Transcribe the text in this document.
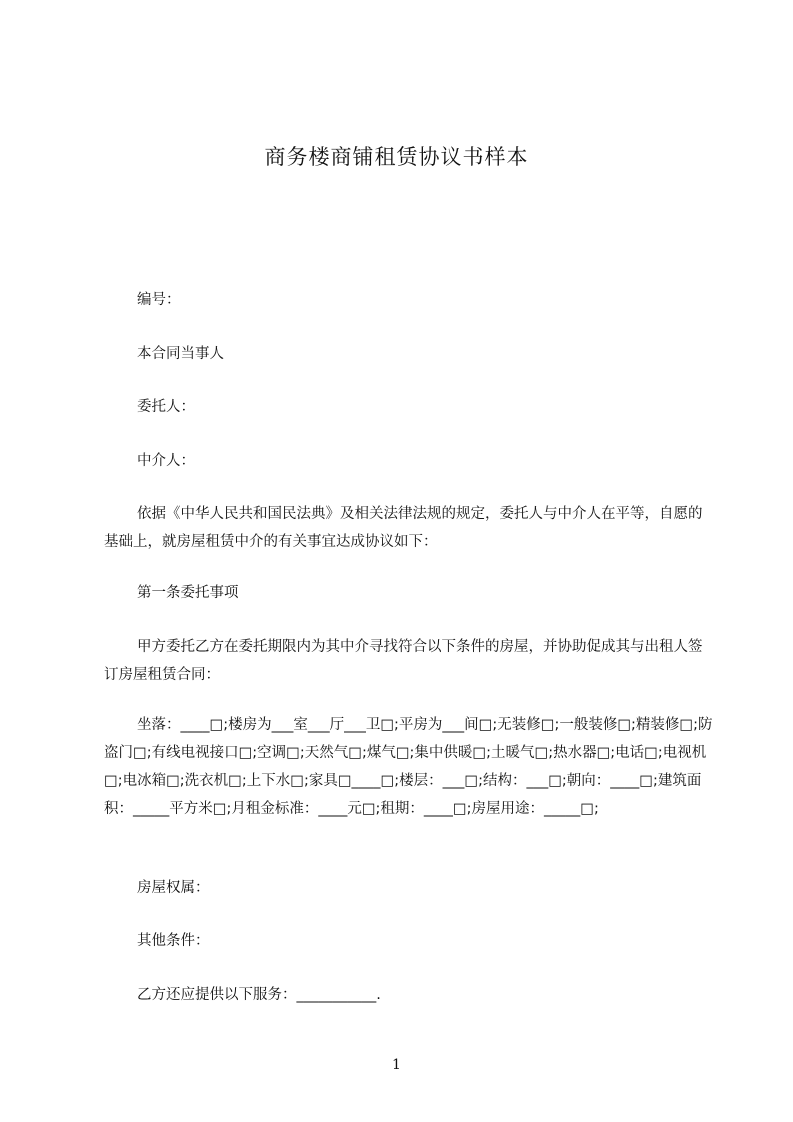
商务楼商铺租赁协议书样本

编号：

本合同当事人

委托人：

中介人：

依据《中华人民共和国民法典》及相关法律法规的规定，委托人与中介人在平等，自愿的基础上，就房屋租赁中介的有关事宜达成协议如下：

第一条委托事项

甲方委托乙方在委托期限内为其中介寻找符合以下条件的房屋，并协助促成其与出租人签订房屋租赁合同：

坐落：____□;楼房为___室___厅___卫□;平房为___间□;无装修□;一般装修□;精装修□;防盗门□;有线电视接口□;空调□;天然气□;煤气□;集中供暖□;土暖气□;热水器□;电话□;电视机□;电冰箱□;洗衣机□;上下水□;家具□____□;楼层：___□;结构：___□;朝向：____□;建筑面积：_____平方米□;月租金标准：____元□;租期：____□;房屋用途：_____□;

房屋权属：

其他条件：

乙方还应提供以下服务：___________.

1
